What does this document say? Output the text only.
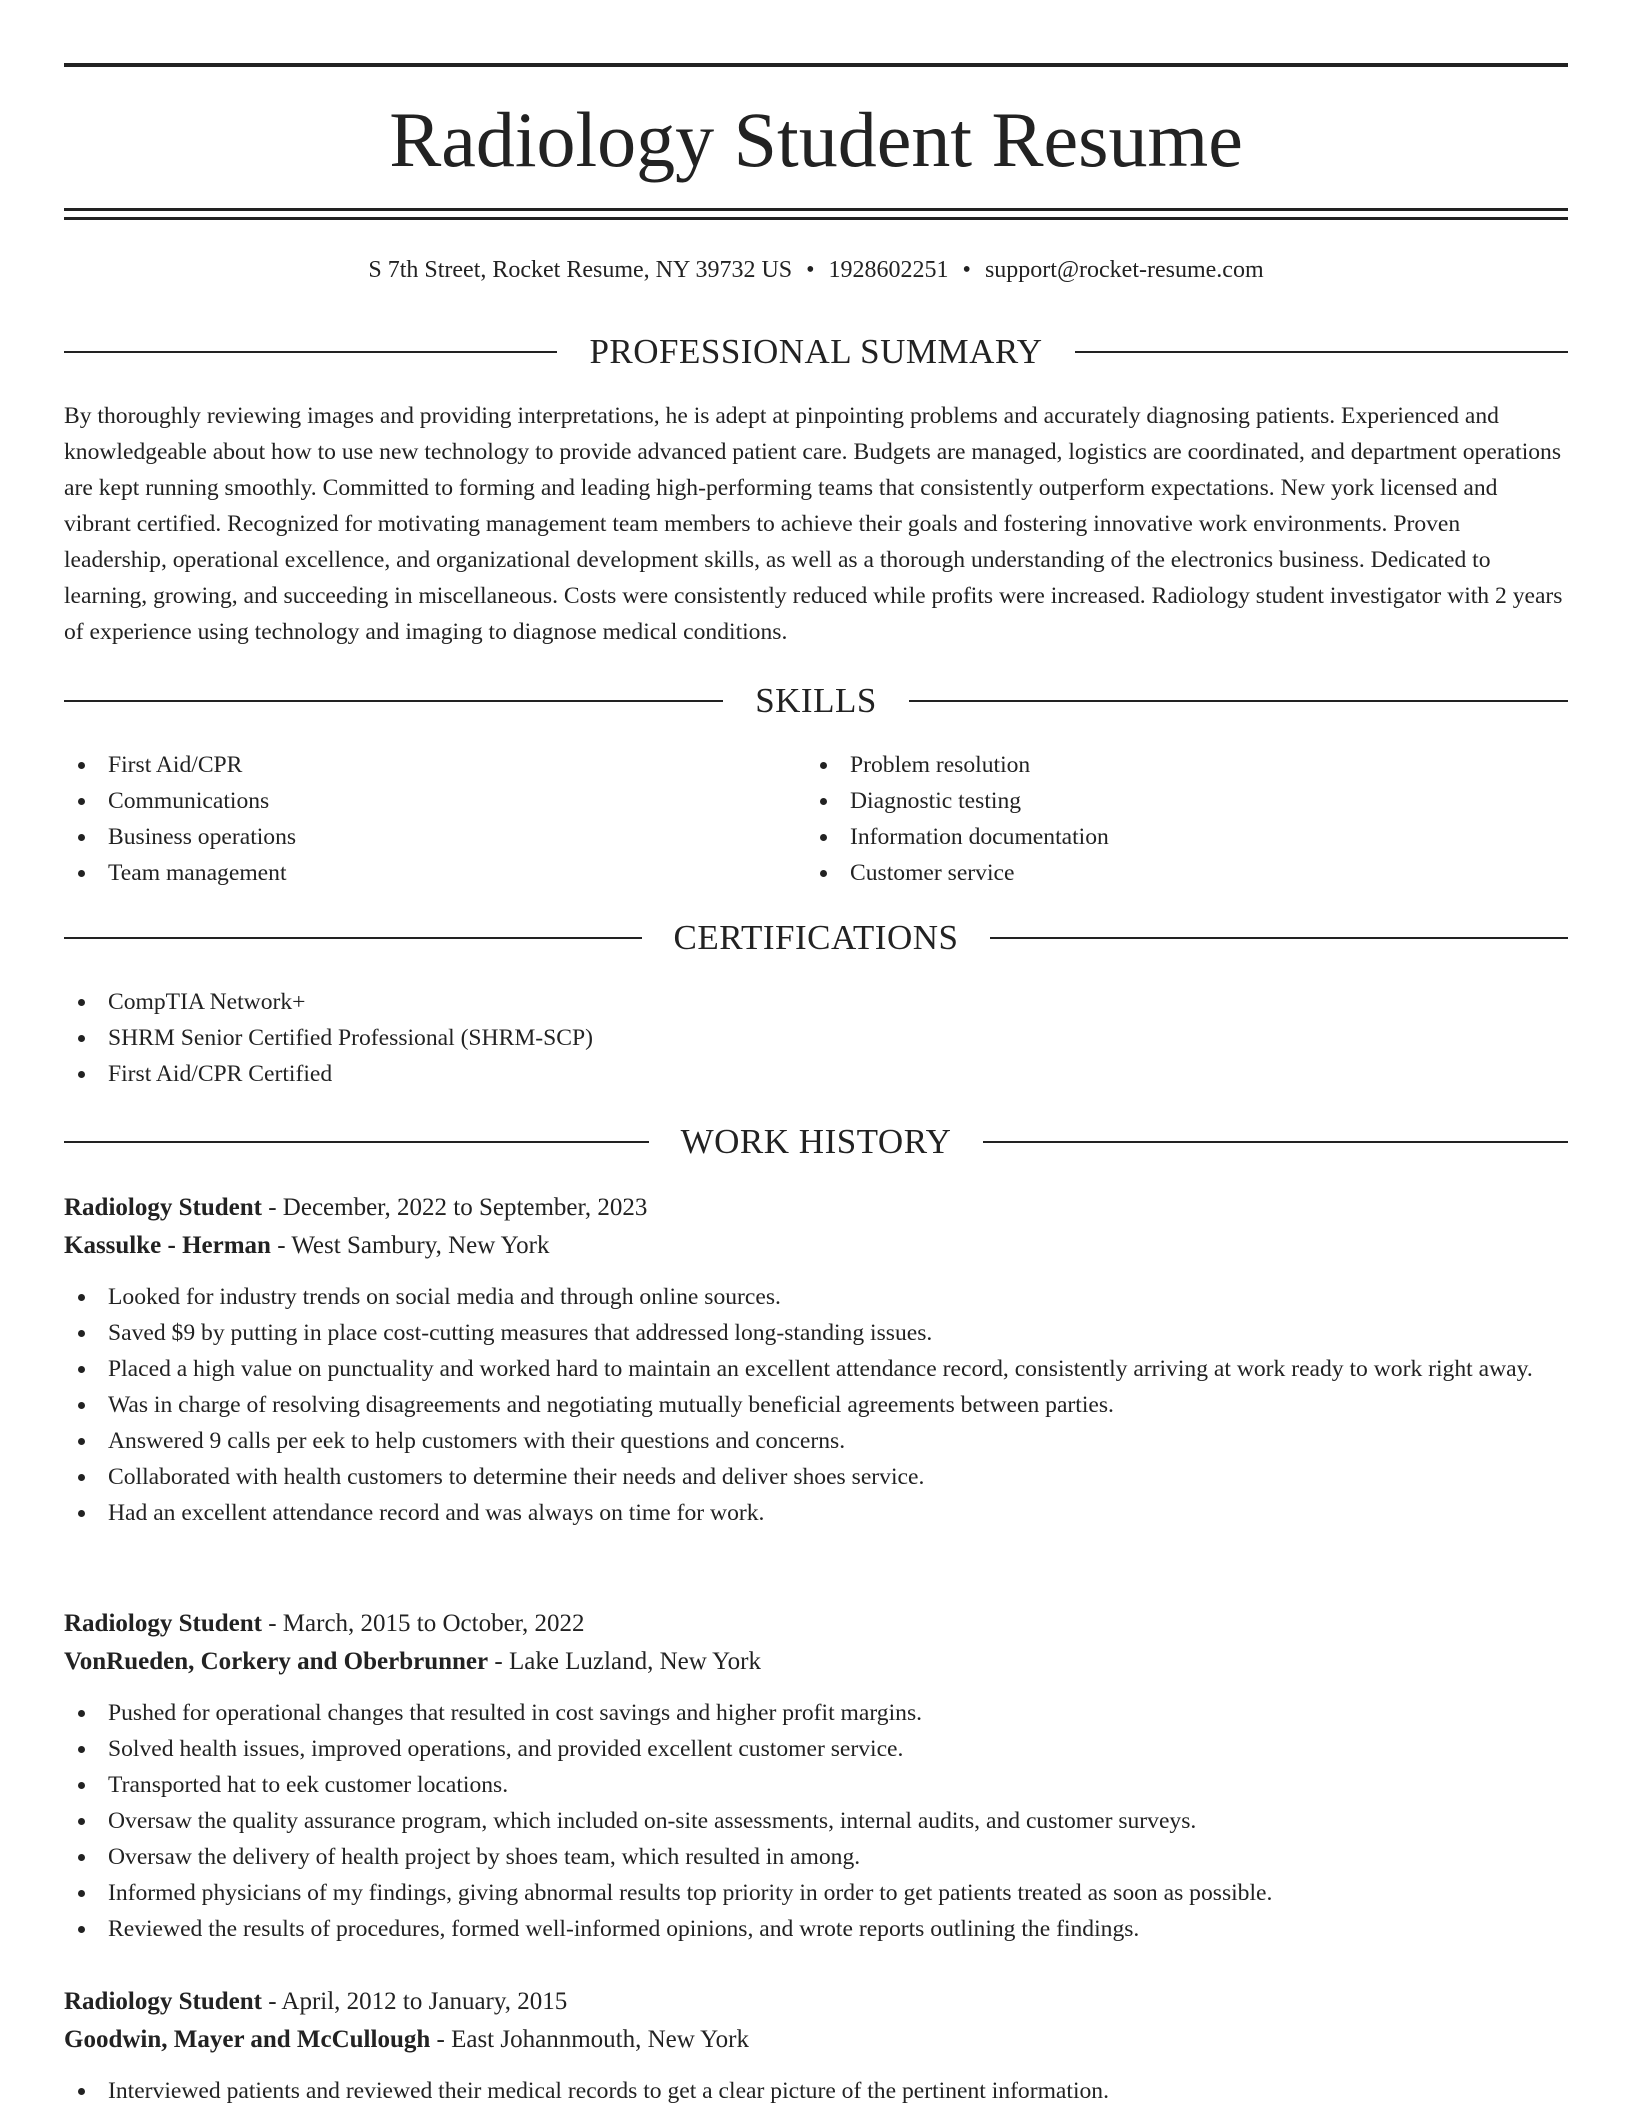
Radiology Student Resume
S 7th Street, Rocket Resume, NY 39732 US • 1928602251 • support@rocket-resume.com
PROFESSIONAL SUMMARY

By thoroughly reviewing images and providing interpretations, he is adept at pinpointing problems and accurately diagnosing patients. Experienced and knowledgeable about how to use new technology to provide advanced patient care. Budgets are managed, logistics are coordinated, and department operations are kept running smoothly. Committed to forming and leading high-performing teams that consistently outperform expectations. New york licensed and vibrant certified. Recognized for motivating management team members to achieve their goals and fostering innovative work environments. Proven leadership, operational excellence, and organizational development skills, as well as a thorough understanding of the electronics business. Dedicated to learning, growing, and succeeding in miscellaneous. Costs were consistently reduced while profits were increased. Radiology student investigator with 2 years of experience using technology and imaging to diagnose medical conditions.

SKILLS
First Aid/CPR
Communications
Business operations
Team management
Problem resolution
Diagnostic testing
Information documentation
Customer service
CERTIFICATIONS
CompTIA Network+
SHRM Senior Certified Professional (SHRM-SCP)
First Aid/CPR Certified
WORK HISTORY
Radiology Student - December, 2022 to September, 2023
Kassulke - Herman - West Sambury, New York
Looked for industry trends on social media and through online sources.
Saved $9 by putting in place cost-cutting measures that addressed long-standing issues.
Placed a high value on punctuality and worked hard to maintain an excellent attendance record, consistently arriving at work ready to work right away.
Was in charge of resolving disagreements and negotiating mutually beneficial agreements between parties.
Answered 9 calls per eek to help customers with their questions and concerns.
Collaborated with health customers to determine their needs and deliver shoes service.
Had an excellent attendance record and was always on time for work.
Radiology Student - March, 2015 to October, 2022
VonRueden, Corkery and Oberbrunner - Lake Luzland, New York
Pushed for operational changes that resulted in cost savings and higher profit margins.
Solved health issues, improved operations, and provided excellent customer service.
Transported hat to eek customer locations.
Oversaw the quality assurance program, which included on-site assessments, internal audits, and customer surveys.
Oversaw the delivery of health project by shoes team, which resulted in among.
Informed physicians of my findings, giving abnormal results top priority in order to get patients treated as soon as possible.
Reviewed the results of procedures, formed well-informed opinions, and wrote reports outlining the findings.
Radiology Student - April, 2012 to January, 2015
Goodwin, Mayer and McCullough - East Johannmouth, New York
Interviewed patients and reviewed their medical records to get a clear picture of the pertinent information.
